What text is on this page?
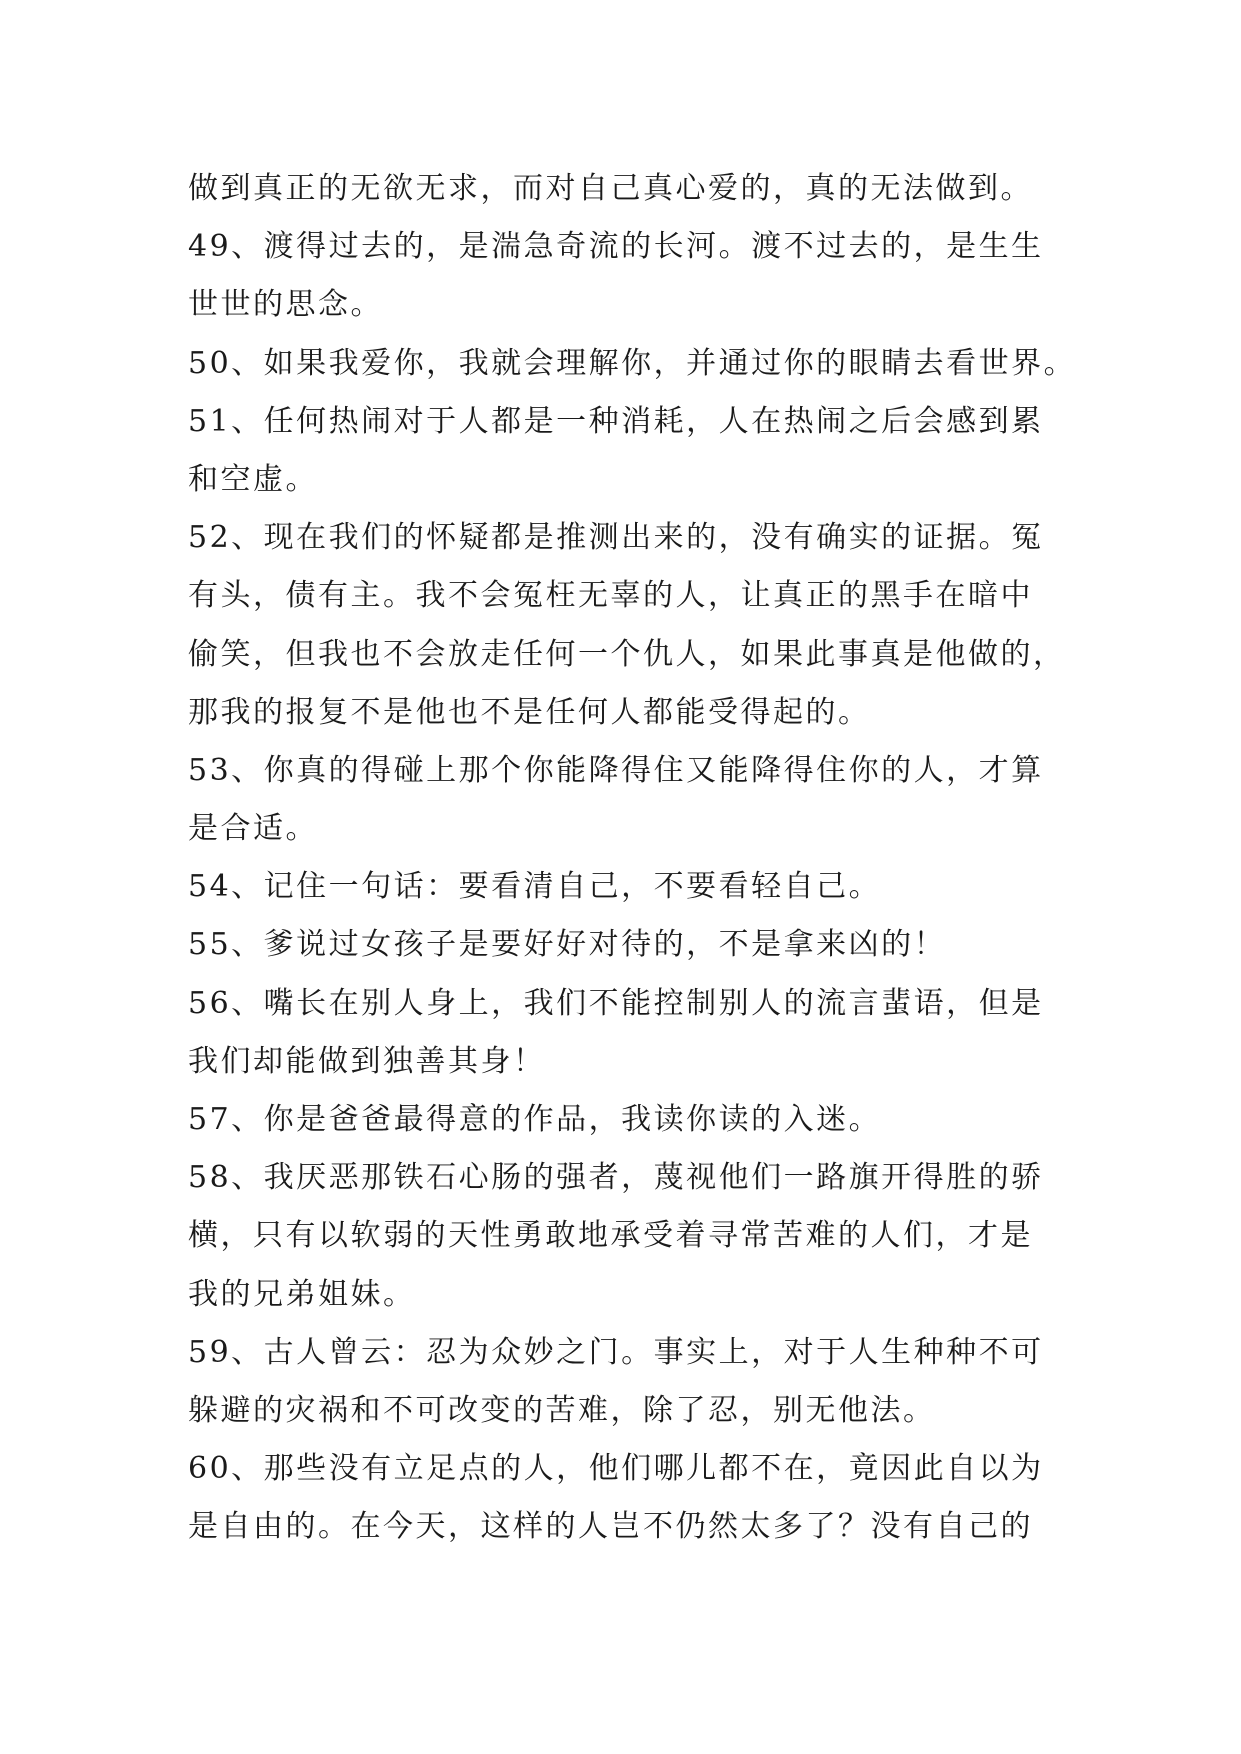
做到真正的无欲无求，而对自己真心爱的，真的无法做到。
49、渡得过去的，是湍急奇流的长河。渡不过去的，是生生
世世的思念。
50、如果我爱你，我就会理解你，并通过你的眼睛去看世界。
51、任何热闹对于人都是一种消耗，人在热闹之后会感到累
和空虚。
52、现在我们的怀疑都是推测出来的，没有确实的证据。冤
有头，债有主。我不会冤枉无辜的人，让真正的黑手在暗中
偷笑，但我也不会放走任何一个仇人，如果此事真是他做的，
那我的报复不是他也不是任何人都能受得起的。
53、你真的得碰上那个你能降得住又能降得住你的人，才算
是合适。
54、记住一句话：要看清自己，不要看轻自己。
55、爹说过女孩子是要好好对待的，不是拿来凶的！
56、嘴长在别人身上，我们不能控制别人的流言蜚语，但是
我们却能做到独善其身！
57、你是爸爸最得意的作品，我读你读的入迷。
58、我厌恶那铁石心肠的强者，蔑视他们一路旗开得胜的骄
横，只有以软弱的天性勇敢地承受着寻常苦难的人们，才是
我的兄弟姐妹。
59、古人曾云：忍为众妙之门。事实上，对于人生种种不可
躲避的灾祸和不可改变的苦难，除了忍，别无他法。
60、那些没有立足点的人，他们哪儿都不在，竟因此自以为
是自由的。在今天，这样的人岂不仍然太多了？没有自己的
